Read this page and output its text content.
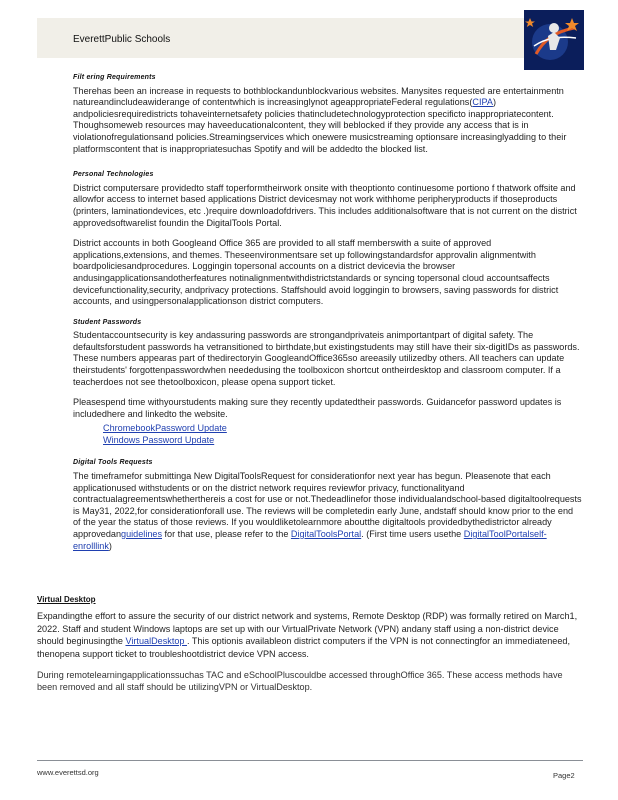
EverettPublic Schools
Filt ering Requirements

Therehas been an increase in requests to bothblockandunblockvarious websites. Manysites requested are entertainmentn natureandincludeawiderange of contentwhich is increasinglynot ageappropriateFederal regulations(CIPA) andpoliciesrequiredistricts tohaveinternetsafety policies thatincludetechnologyprotection specificto inappropriatecontent. Thoughsomeweb resources may haveeducationalcontent, they will beblocked if they provide any access that is in violationofregulationsand policies.Streamingservices which onewere musicstreaming optionsare increasinglyadding to their platformscontent that is inappropriatesuchas Spotify and will be addedto the blocked list.

Personal Technologies

District computersare providedto staff toperformtheirwork onsite with theoptionto continuesome portiono f thatwork offsite and allowfor access to internet based applications District devicesmay not work withhome peripheryproducts if thoseproducts (printers, laminationdevices, etc .)require downloadofdrivers. This includes additionalsoftware that is not current on the district approvedsoftwarelist foundin the DigitalTools Portal.

District accounts in both Googleand Office 365 are provided to all staff memberswith a suite of approved applications,extensions, and themes. Theseenvironmentsare set up followingstandardsfor approvalin alignmentwith boardpoliciesandprocedures. Loggingin topersonal accounts on a district devicevia the browser andusingapplicationsandotherfeatures notinalignmentwithdistrictstandards or syncing topersonal cloud accountsaffects devicefunctionality,security, andprivacy protections. Staffshould avoid loggingin to browsers, saving passwords for district accounts, and usingpersonalapplicationson district computers.

Student Passwords

Studentaccountsecurity is key andassuring passwords are strongandprivateis animportantpart of digital safety. The defaultsforstudent passwords ha vetransitioned to birthdate,but existingstudents may still have their six-digitIDs as passwords. These numbers appearas part of thedirectoryin GoogleandOffice365so areeasily utilizedby others. All teachers can update theirstudents' forgottenpasswordwhen neededusing the toolboxicon shortcut ontheirdesktop and classroom computer. If a teacherdoes not see thetoolboxicon, please opena support ticket.

Pleasespend time withyourstudents making sure they recently updatedtheir passwords. Guidancefor password updates is includedhere and linkedto the website.

ChromebookPassword Update
Windows Password Update
Digital Tools Requests

The timeframefor submittinga New DigitalToolsRequest for considerationfor next year has begun. Pleasenote that each applicationused withstudents or on the district network requires reviewfor privacy, functionalityand contractualagreementswhetherthereis a cost for use or not.Thedeadlinefor those individualandschool-based digitaltoolrequests is May31, 2022,for considerationforall use. The reviews will be completedin early June, andstaff should know prior to the end of the year the status of those reviews. If you wouldliketolearnmore aboutthe digitaltools providedbythedistrictor already approvedanguidelines for that use, please refer to the DigitalToolsPortal. (First time users usethe DigitalToolPortalself- enrolllink)

Virtual Desktop

Expandingthe effort to assure the security of our district network and systems, Remote Desktop (RDP) was formally retired on March1, 2022. Staff and student Windows laptops are set up with our VirtualPrivate Network (VPN) andany staff using a non-district device should beginusingthe VirtualDesktop . This optionis availableon district computers if the VPN is not connectingfor an immediateneed, thenopena support ticket to troubleshootdistrict device VPN access.

During remotelearningapplicationssuchas TAC and eSchoolPluscouldbe accessed throughOffice 365. These access methods have been removed and all staff should be utilizingVPN or VirtualDesktop.

www.everettsd.org	Page2
